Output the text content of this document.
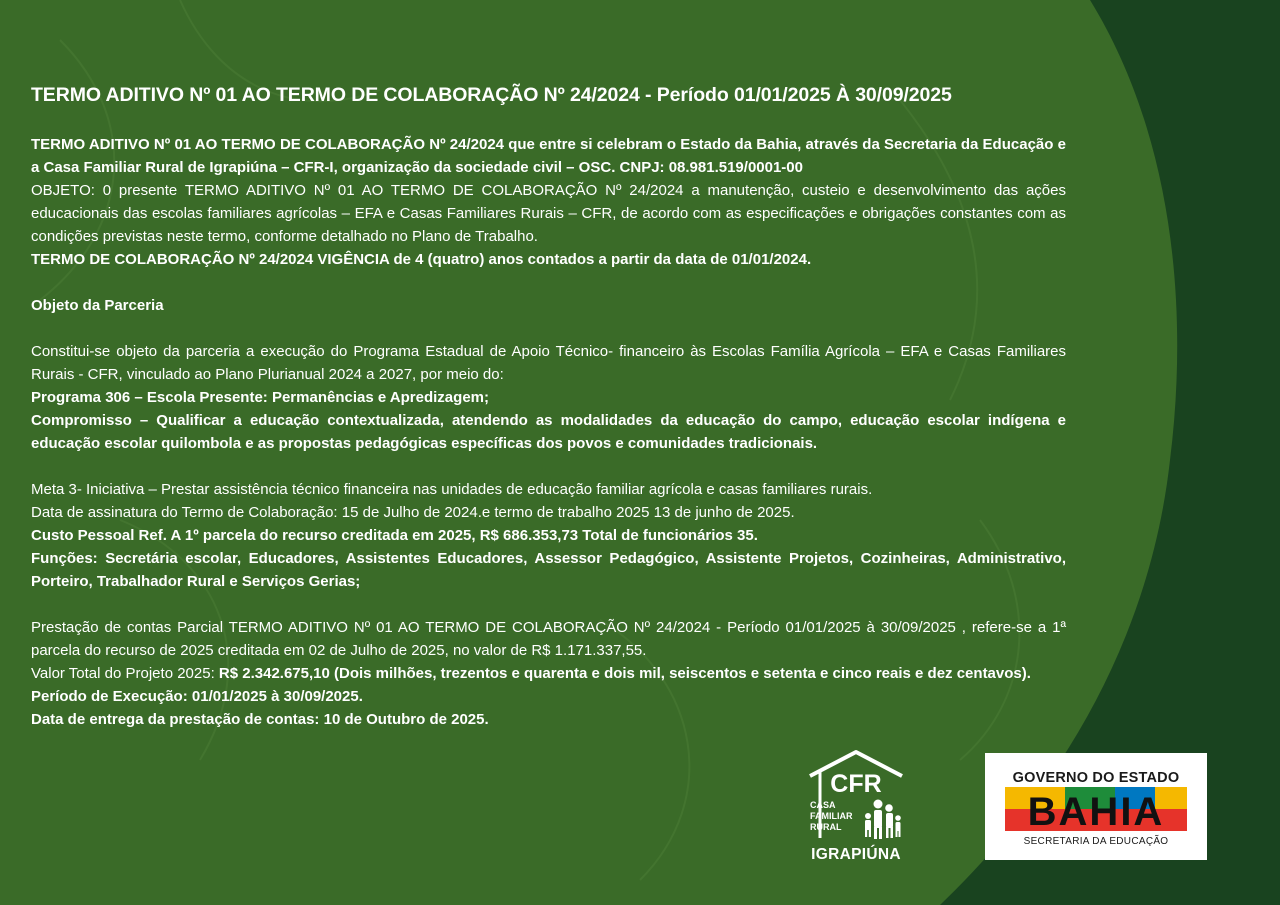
TERMO ADITIVO Nº 01 AO TERMO DE COLABORAÇÃO Nº 24/2024 - Período 01/01/2025 À 30/09/2025

TERMO ADITIVO Nº 01 AO TERMO DE COLABORAÇÃO Nº 24/2024 que entre si celebram o Estado da Bahia, através da Secretaria da Educação e a Casa Familiar Rural de Igrapiúna – CFR-I, organização da sociedade civil – OSC. CNPJ: 08.981.519/0001-00

OBJETO: 0 presente TERMO ADITIVO Nº 01 AO TERMO DE COLABORAÇÃO Nº 24/2024 a manutenção, custeio e desenvolvimento das ações educacionais das escolas familiares agrícolas – EFA e Casas Familiares Rurais – CFR, de acordo com as especificações e obrigações constantes com as condições previstas neste termo, conforme detalhado no Plano de Trabalho.

TERMO DE COLABORAÇÃO Nº 24/2024 VIGÊNCIA de 4 (quatro) anos contados a partir da data de 01/01/2024.

Objeto da Parceria

Constitui-se objeto da parceria a execução do Programa Estadual de Apoio Técnico- financeiro às Escolas Família Agrícola – EFA e Casas Familiares Rurais - CFR, vinculado ao Plano Plurianual 2024 a 2027, por meio do:

Programa 306 – Escola Presente: Permanências e Apredizagem;

Compromisso – Qualificar a educação contextualizada, atendendo as modalidades da educação do campo, educação escolar indígena e educação escolar quilombola e as propostas pedagógicas específicas dos povos e comunidades tradicionais.

Meta 3- Iniciativa – Prestar assistência técnico financeira nas unidades de educação familiar agrícola e casas familiares rurais.

Data de assinatura do Termo de Colaboração: 15 de Julho de 2024.e termo de trabalho 2025 13 de junho de 2025.

Custo Pessoal Ref. A 1º parcela do recurso creditada em 2025, R$ 686.353,73 Total de funcionários 35.

Funções: Secretária escolar, Educadores, Assistentes Educadores, Assessor Pedagógico, Assistente Projetos, Cozinheiras, Administrativo, Porteiro, Trabalhador Rural e Serviços Gerias;

Prestação de contas Parcial TERMO ADITIVO Nº 01 AO TERMO DE COLABORAÇÃO Nº 24/2024 - Período 01/01/2025 à 30/09/2025 , refere-se a 1ª parcela do recurso de 2025 creditada em 02 de Julho de 2025, no valor de R$ 1.171.337,55.

Valor Total do Projeto 2025: R$ 2.342.675,10 (Dois milhões, trezentos e quarenta e dois mil, seiscentos e setenta e cinco reais e dez centavos).

Período de Execução: 01/01/2025 à 30/09/2025.

Data de entrega da prestação de contas: 10 de Outubro de 2025.

CFR
CASA
FAMILIAR
RURAL
IGRAPIÚNA
GOVERNO DO ESTADO
BAHIA
SECRETARIA DA EDUCAÇÃO
